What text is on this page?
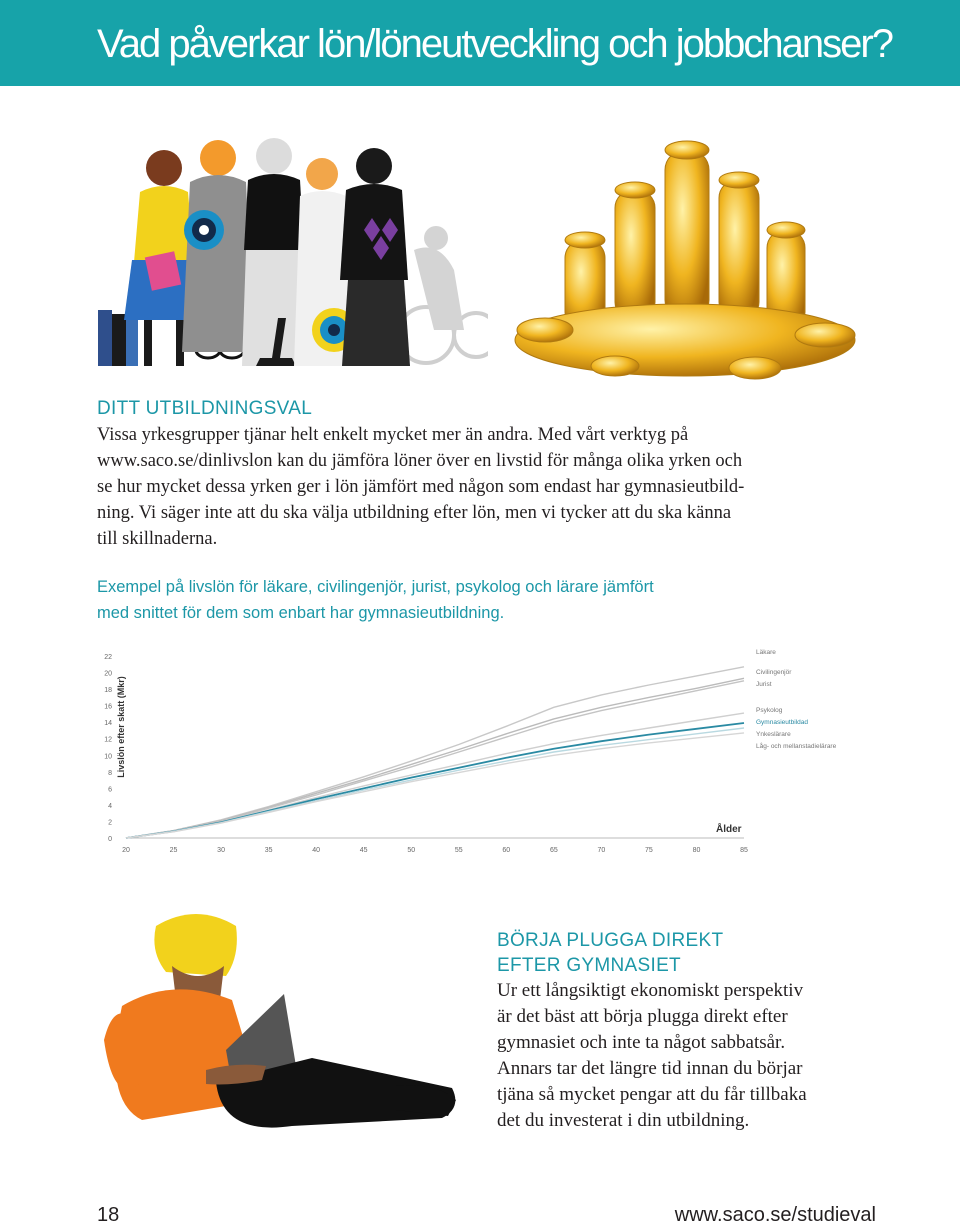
Vad påverkar lön/löneutveckling och jobbchanser?
DITT UTBILDNINGSVAL

Vissa yrkesgrupper tjänar helt enkelt mycket mer än andra. Med vårt verktyg på
www.saco.se/dinlivslon kan du jämföra löner över en livstid för många olika yrken och
se hur mycket dessa yrken ger i lön jämfört med någon som endast har gymnasieutbild-
ning. Vi säger inte att du ska välja utbildning efter lön, men vi tycker att du ska känna
till skillnaderna.

Exempel på livslön för läkare, civilingenjör, jurist, psykolog och lärare jämfört
med snittet för dem som enbart har gymnasieutbildning.

0
2
4
6
8
10
12
14
16
18
20
22
20	25	30	35	40	45	50	55	60	65	70	75	80	85
Livslön efter skatt (Mkr)
Ålder
Läkare
Civilingenjör
Jurist
Psykolog
Gymnasieutbildad
Ynkeslärare
Låg- och mellanstadielärare
BÖRJA PLUGGA DIREKT
EFTER GYMNASIET

Ur ett långsiktigt ekonomiskt perspektiv
är det bäst att börja plugga direkt efter
gymnasiet och inte ta något sabbatsår.
Annars tar det längre tid innan du börjar
tjäna så mycket pengar att du får tillbaka
det du investerat i din utbildning.

18	www.saco.se/studieval
